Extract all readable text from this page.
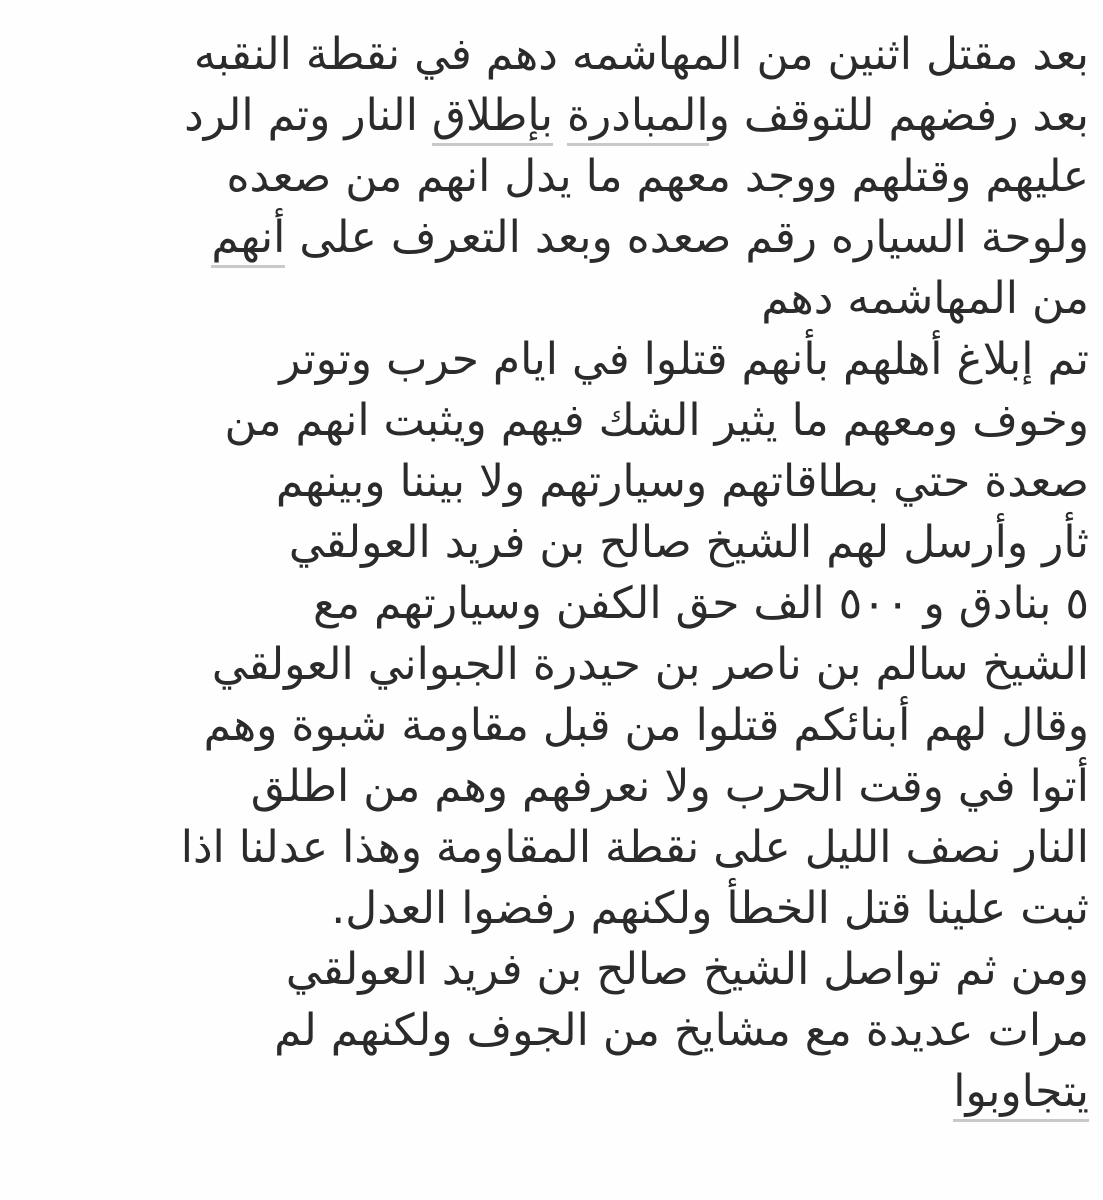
بعد مقتل اثنين من المهاشمه دهم في نقطة النقبه
بعد رفضهم للتوقف والمبادرة بإطلاق النار وتم الرد
عليهم وقتلهم ووجد معهم ما يدل انهم من صعده
ولوحة السياره رقم صعده وبعد التعرف على أنهم
من المهاشمه دهم
تم إبلاغ أهلهم بأنهم قتلوا في ايام حرب وتوتر
وخوف ومعهم ما يثير الشك فيهم ويثبت انهم من
صعدة حتي بطاقاتهم وسيارتهم ولا بيننا وبينهم
ثأر وأرسل لهم الشيخ صالح بن فريد العولقي
٥ بنادق و ٥٠٠ الف حق الكفن وسيارتهم مع
الشيخ سالم بن ناصر بن حيدرة الجبواني العولقي
وقال لهم أبنائكم قتلوا من قبل مقاومة شبوة وهم
أتوا في وقت الحرب ولا نعرفهم وهم من اطلق
النار نصف الليل على نقطة المقاومة وهذا عدلنا اذا
ثبت علينا قتل الخطأ ولكنهم رفضوا العدل.
ومن ثم تواصل الشيخ صالح بن فريد العولقي
مرات عديدة مع مشايخ من الجوف ولكنهم لم
يتجاوبوا
